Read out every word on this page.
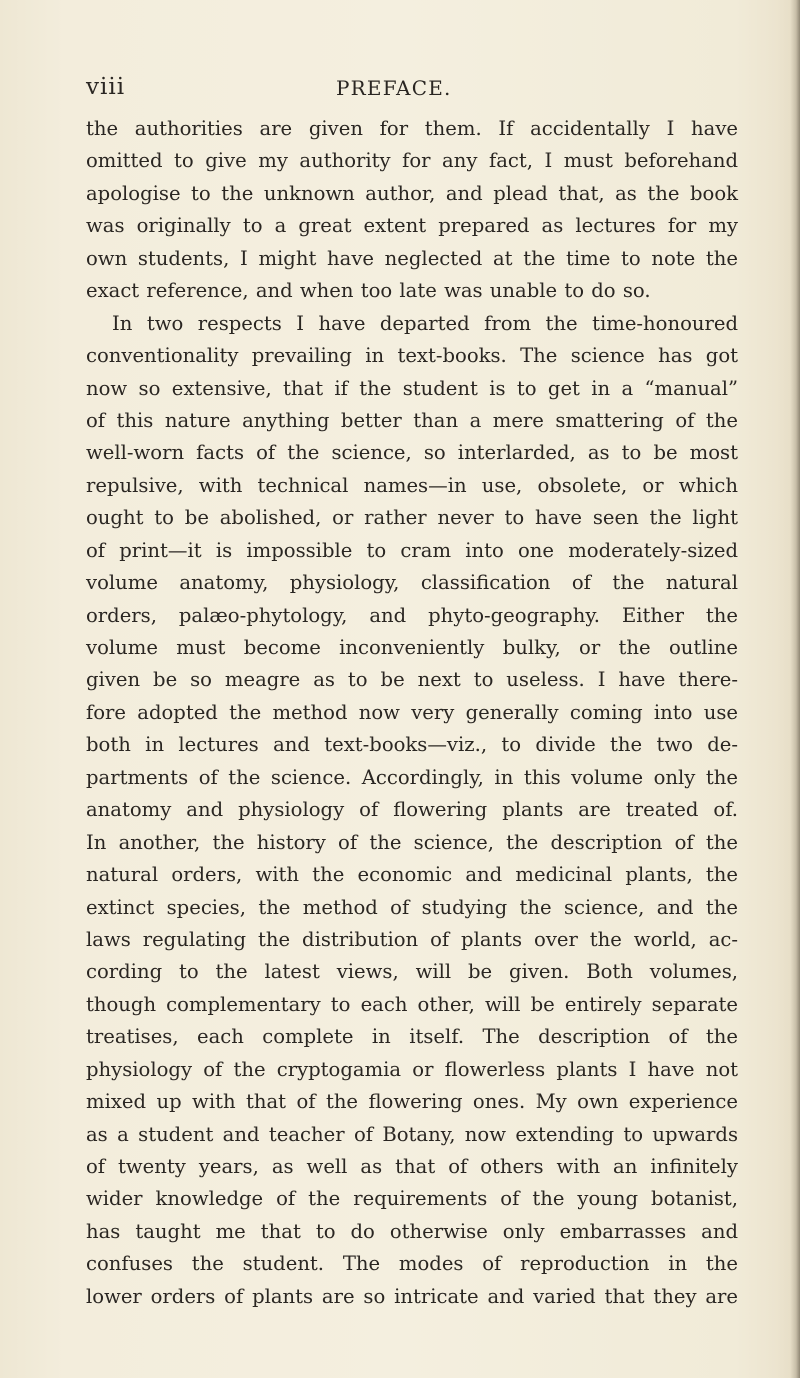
viii	PREFACE.
the authorities are given for them. If accidentally I have
omitted to give my authority for any fact, I must beforehand
apologise to the unknown author, and plead that, as the book
was originally to a great extent prepared as lectures for my
own students, I might have neglected at the time to note the
exact reference, and when too late was unable to do so.
In two respects I have departed from the time-honoured
conventionality prevailing in text-books. The science has got
now so extensive, that if the student is to get in a “manual”
of this nature anything better than a mere smattering of the
well-worn facts of the science, so interlarded, as to be most
repulsive, with technical names—in use, obsolete, or which
ought to be abolished, or rather never to have seen the light
of print—it is impossible to cram into one moderately-sized
volume anatomy, physiology, classification of the natural
orders, palæo-phytology, and phyto-geography. Either the
volume must become inconveniently bulky, or the outline
given be so meagre as to be next to useless. I have there-
fore adopted the method now very generally coming into use
both in lectures and text-books—viz., to divide the two de-
partments of the science. Accordingly, in this volume only the
anatomy and physiology of flowering plants are treated of.
In another, the history of the science, the description of the
natural orders, with the economic and medicinal plants, the
extinct species, the method of studying the science, and the
laws regulating the distribution of plants over the world, ac-
cording to the latest views, will be given. Both volumes,
though complementary to each other, will be entirely separate
treatises, each complete in itself. The description of the
physiology of the cryptogamia or flowerless plants I have not
mixed up with that of the flowering ones. My own experience
as a student and teacher of Botany, now extending to upwards
of twenty years, as well as that of others with an infinitely
wider knowledge of the requirements of the young botanist,
has taught me that to do otherwise only embarrasses and
confuses the student. The modes of reproduction in the
lower orders of plants are so intricate and varied that they are
